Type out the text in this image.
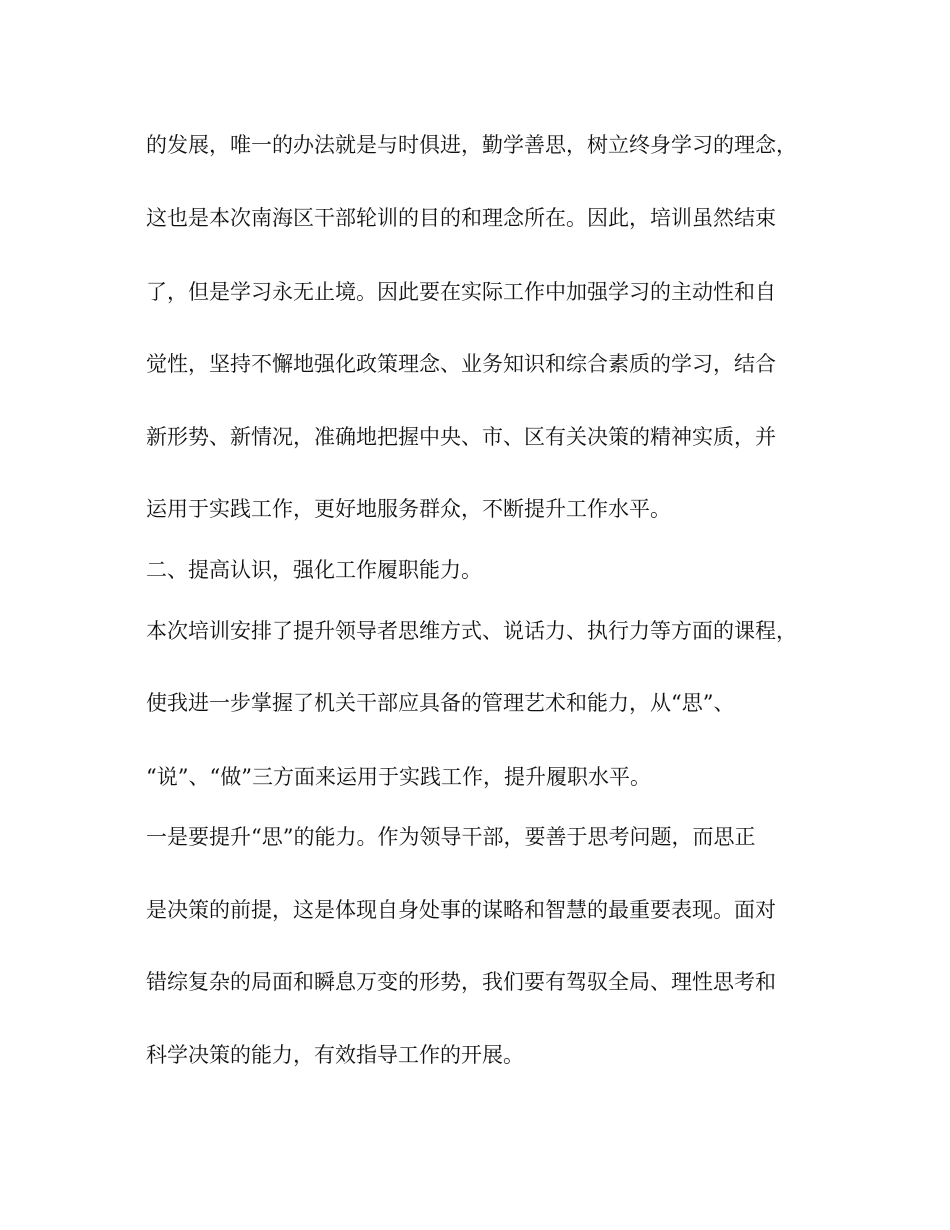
的发展，唯一的办法就是与时俱进，勤学善思，树立终身学习的理念，

这也是本次南海区干部轮训的目的和理念所在。因此，培训虽然结束

了，但是学习永无止境。因此要在实际工作中加强学习的主动性和自

觉性，坚持不懈地强化政策理念、业务知识和综合素质的学习，结合

新形势、新情况，准确地把握中央、市、区有关决策的精神实质，并

运用于实践工作，更好地服务群众，不断提升工作水平。

二、提高认识，强化工作履职能力。

本次培训安排了提升领导者思维方式、说话力、执行力等方面的课程，

使我进一步掌握了机关干部应具备的管理艺术和能力，从“思”、

“说”、“做”三方面来运用于实践工作，提升履职水平。

一是要提升“思”的能力。作为领导干部，要善于思考问题，而思正

是决策的前提，这是体现自身处事的谋略和智慧的最重要表现。面对

错综复杂的局面和瞬息万变的形势，我们要有驾驭全局、理性思考和

科学决策的能力，有效指导工作的开展。
